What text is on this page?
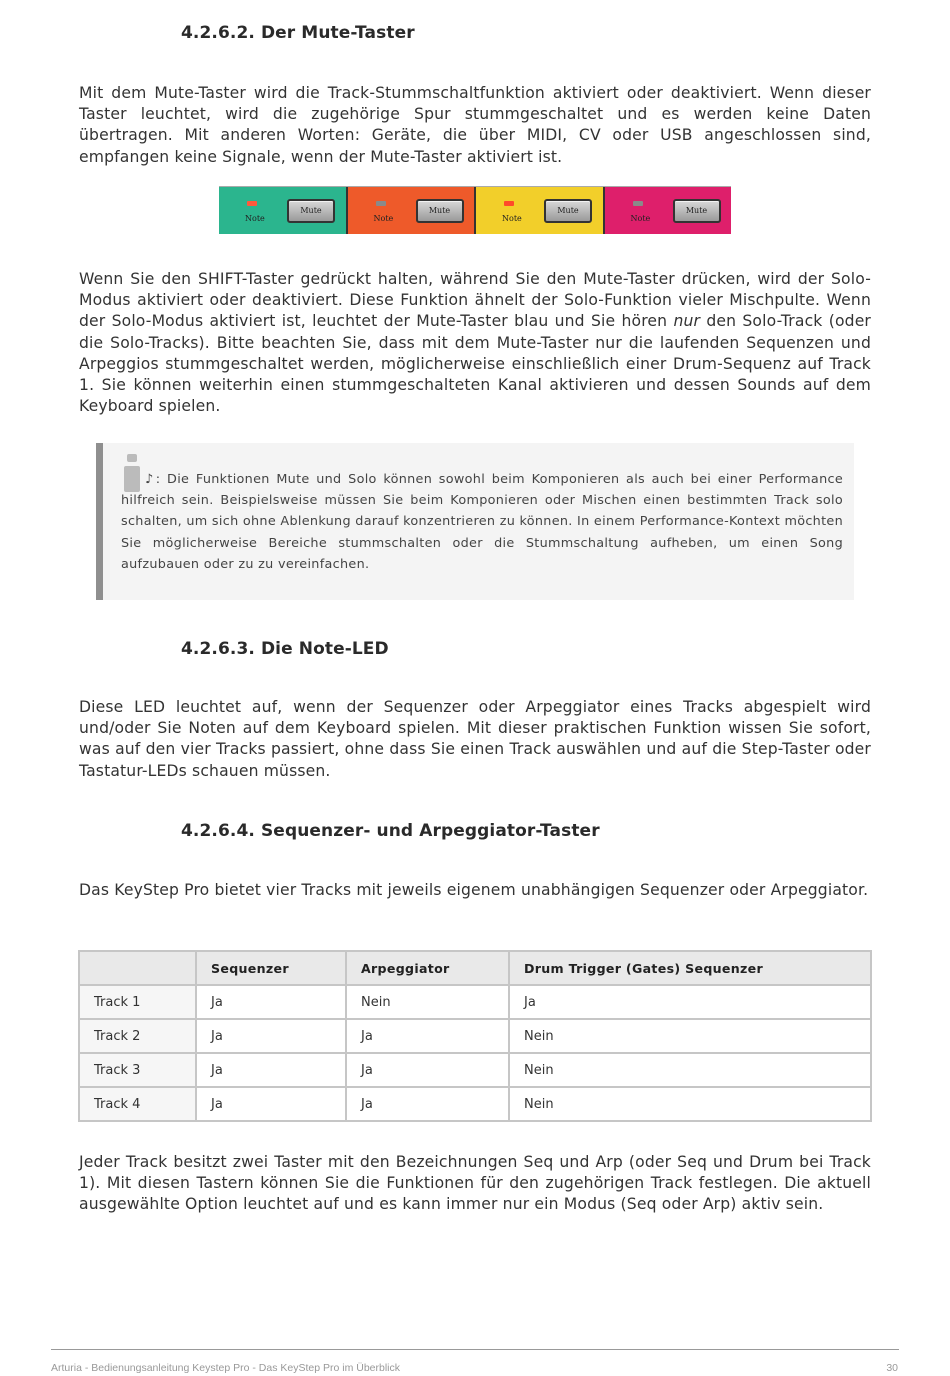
4.2.6.2. Der Mute-Taster

Mit dem Mute-Taster wird die Track-Stummschaltfunktion aktiviert oder deaktiviert. Wenn dieser Taster leuchtet, wird die zugehörige Spur stummgeschaltet und es werden keine Daten übertragen. Mit anderen Worten: Geräte, die über MIDI, CV oder USB angeschlossen sind, empfangen keine Signale, wenn der Mute-Taster aktiviert ist.

Note
Mute
Note
Mute
Note
Mute
Note
Mute

Wenn Sie den SHIFT-Taster gedrückt halten, während Sie den Mute-Taster drücken, wird der Solo-Modus aktiviert oder deaktiviert. Diese Funktion ähnelt der Solo-Funktion vieler Mischpulte. Wenn der Solo-Modus aktiviert ist, leuchtet der Mute-Taster blau und Sie hören nur den Solo-Track (oder die Solo-Tracks). Bitte beachten Sie, dass mit dem Mute-Taster nur die laufenden Sequenzen und Arpeggios stummgeschaltet werden, möglicherweise einschließlich einer Drum-Sequenz auf Track 1. Sie können weiterhin einen stummgeschalteten Kanal aktivieren und dessen Sounds auf dem Keyboard spielen.

♪: Die Funktionen Mute und Solo können sowohl beim Komponieren als auch bei einer Performance hilfreich sein. Beispielsweise müssen Sie beim Komponieren oder Mischen einen bestimmten Track solo schalten, um sich ohne Ablenkung darauf konzentrieren zu können. In einem Performance-Kontext möchten Sie möglicherweise Bereiche stummschalten oder die Stummschaltung aufheben, um einen Song aufzubauen oder zu zu vereinfachen.

4.2.6.3. Die Note-LED

Diese LED leuchtet auf, wenn der Sequenzer oder Arpeggiator eines Tracks abgespielt wird und/oder Sie Noten auf dem Keyboard spielen. Mit dieser praktischen Funktion wissen Sie sofort, was auf den vier Tracks passiert, ohne dass Sie einen Track auswählen und auf die Step-Taster oder Tastatur-LEDs schauen müssen.

4.2.6.4. Sequenzer- und Arpeggiator-Taster

Das KeyStep Pro bietet vier Tracks mit jeweils eigenem unabhängigen Sequenzer oder Arpeggiator.

	Sequenzer	Arpeggiator	Drum Trigger (Gates) Sequenzer
Track 1	Ja	Nein	Ja
Track 2	Ja	Ja	Nein
Track 3	Ja	Ja	Nein
Track 4	Ja	Ja	Nein

Jeder Track besitzt zwei Taster mit den Bezeichnungen Seq und Arp (oder Seq und Drum bei Track 1). Mit diesen Tastern können Sie die Funktionen für den zugehörigen Track festlegen. Die aktuell ausgewählte Option leuchtet auf und es kann immer nur ein Modus (Seq oder Arp) aktiv sein.

Arturia - Bedienungsanleitung Keystep Pro - Das KeyStep Pro im Überblick	30
